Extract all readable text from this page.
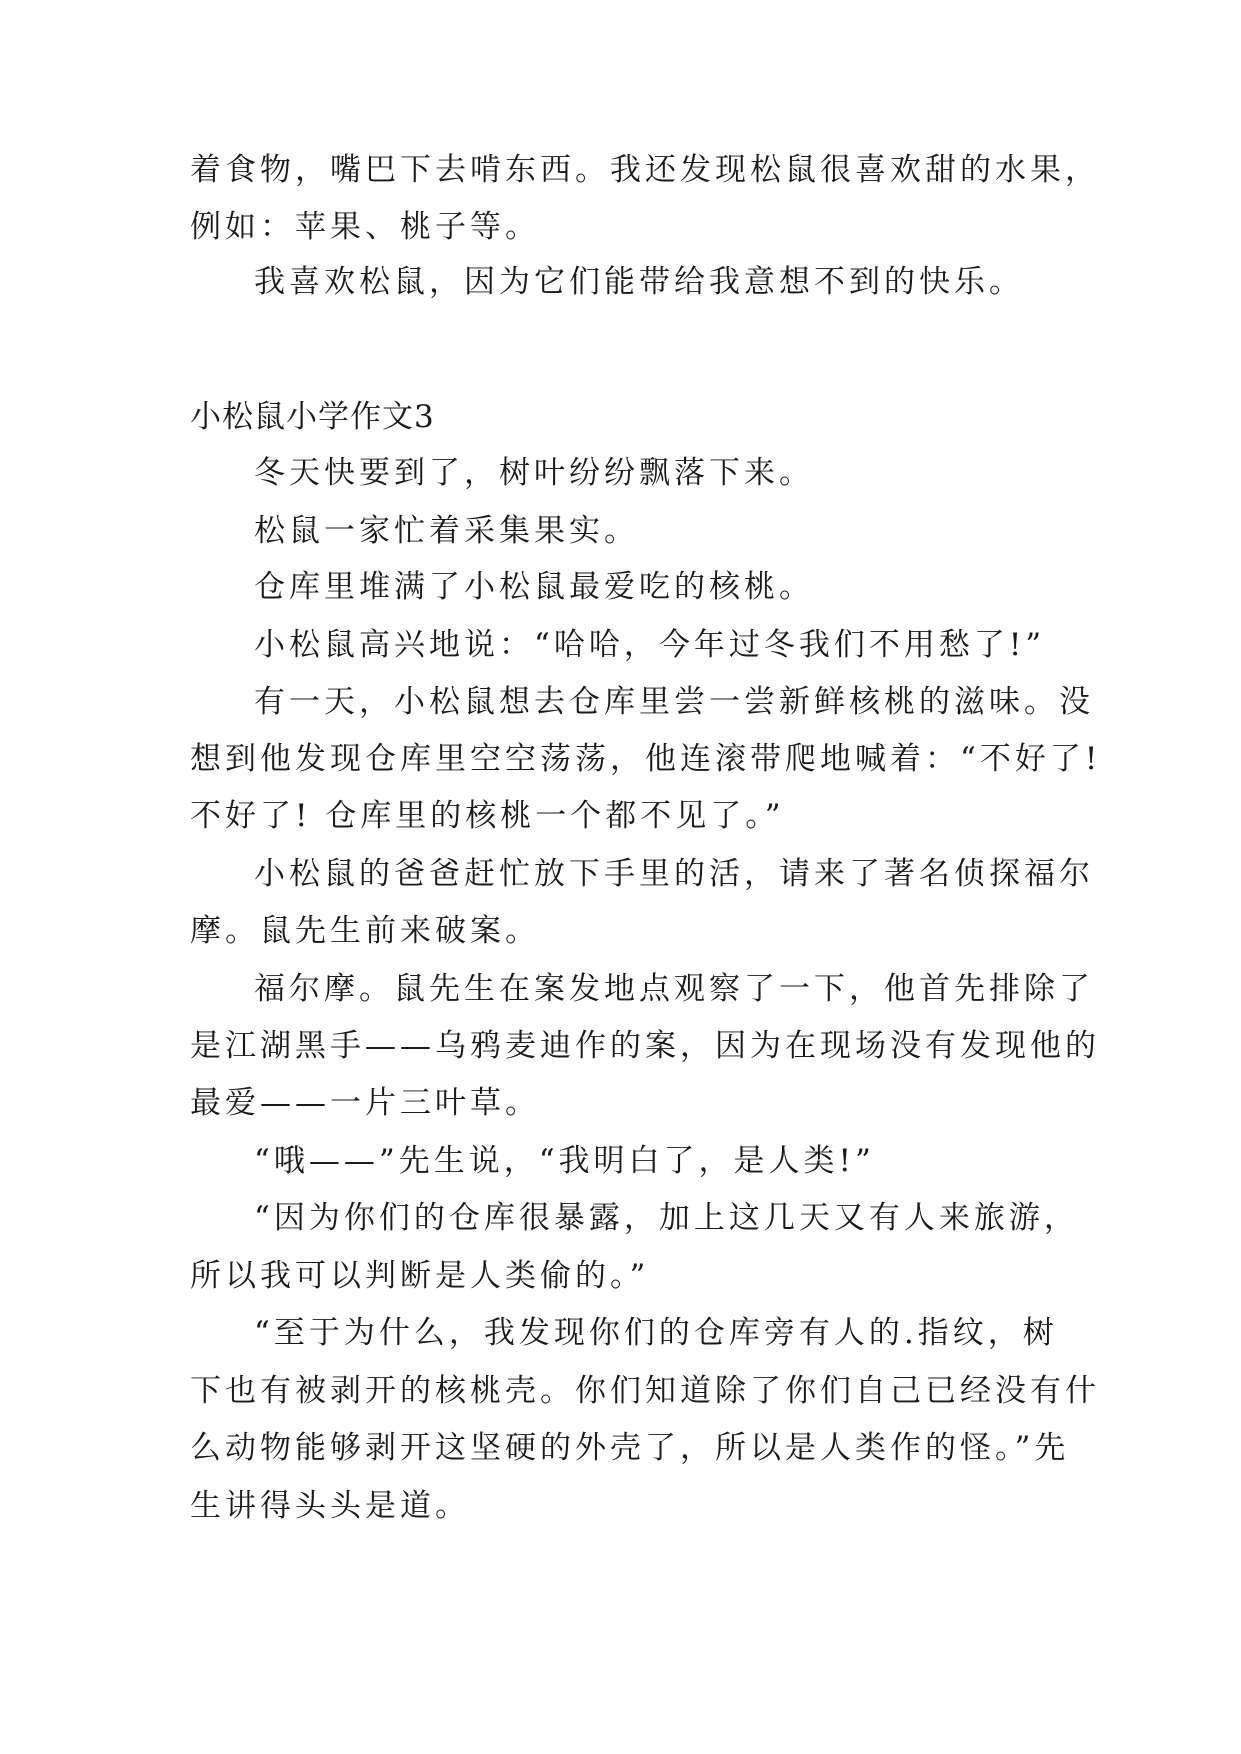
着食物，嘴巴下去啃东西。我还发现松鼠很喜欢甜的水果，

例如：苹果、桃子等。

我喜欢松鼠，因为它们能带给我意想不到的快乐。

小松鼠小学作文3

冬天快要到了，树叶纷纷飘落下来。

松鼠一家忙着采集果实。

仓库里堆满了小松鼠最爱吃的核桃。

小松鼠高兴地说：“哈哈，今年过冬我们不用愁了!”

有一天，小松鼠想去仓库里尝一尝新鲜核桃的滋味。没

想到他发现仓库里空空荡荡，他连滚带爬地喊着：“不好了!

不好了! 仓库里的核桃一个都不见了。”

小松鼠的爸爸赶忙放下手里的活，请来了著名侦探福尔

摩。鼠先生前来破案。

福尔摩。鼠先生在案发地点观察了一下，他首先排除了

是江湖黑手——乌鸦麦迪作的案，因为在现场没有发现他的

最爱——一片三叶草。

“哦——”先生说，“我明白了，是人类!”

“因为你们的仓库很暴露，加上这几天又有人来旅游，

所以我可以判断是人类偷的。”

“至于为什么，我发现你们的仓库旁有人的.指纹，树

下也有被剥开的核桃壳。你们知道除了你们自己已经没有什

么动物能够剥开这坚硬的外壳了，所以是人类作的怪。”先

生讲得头头是道。
